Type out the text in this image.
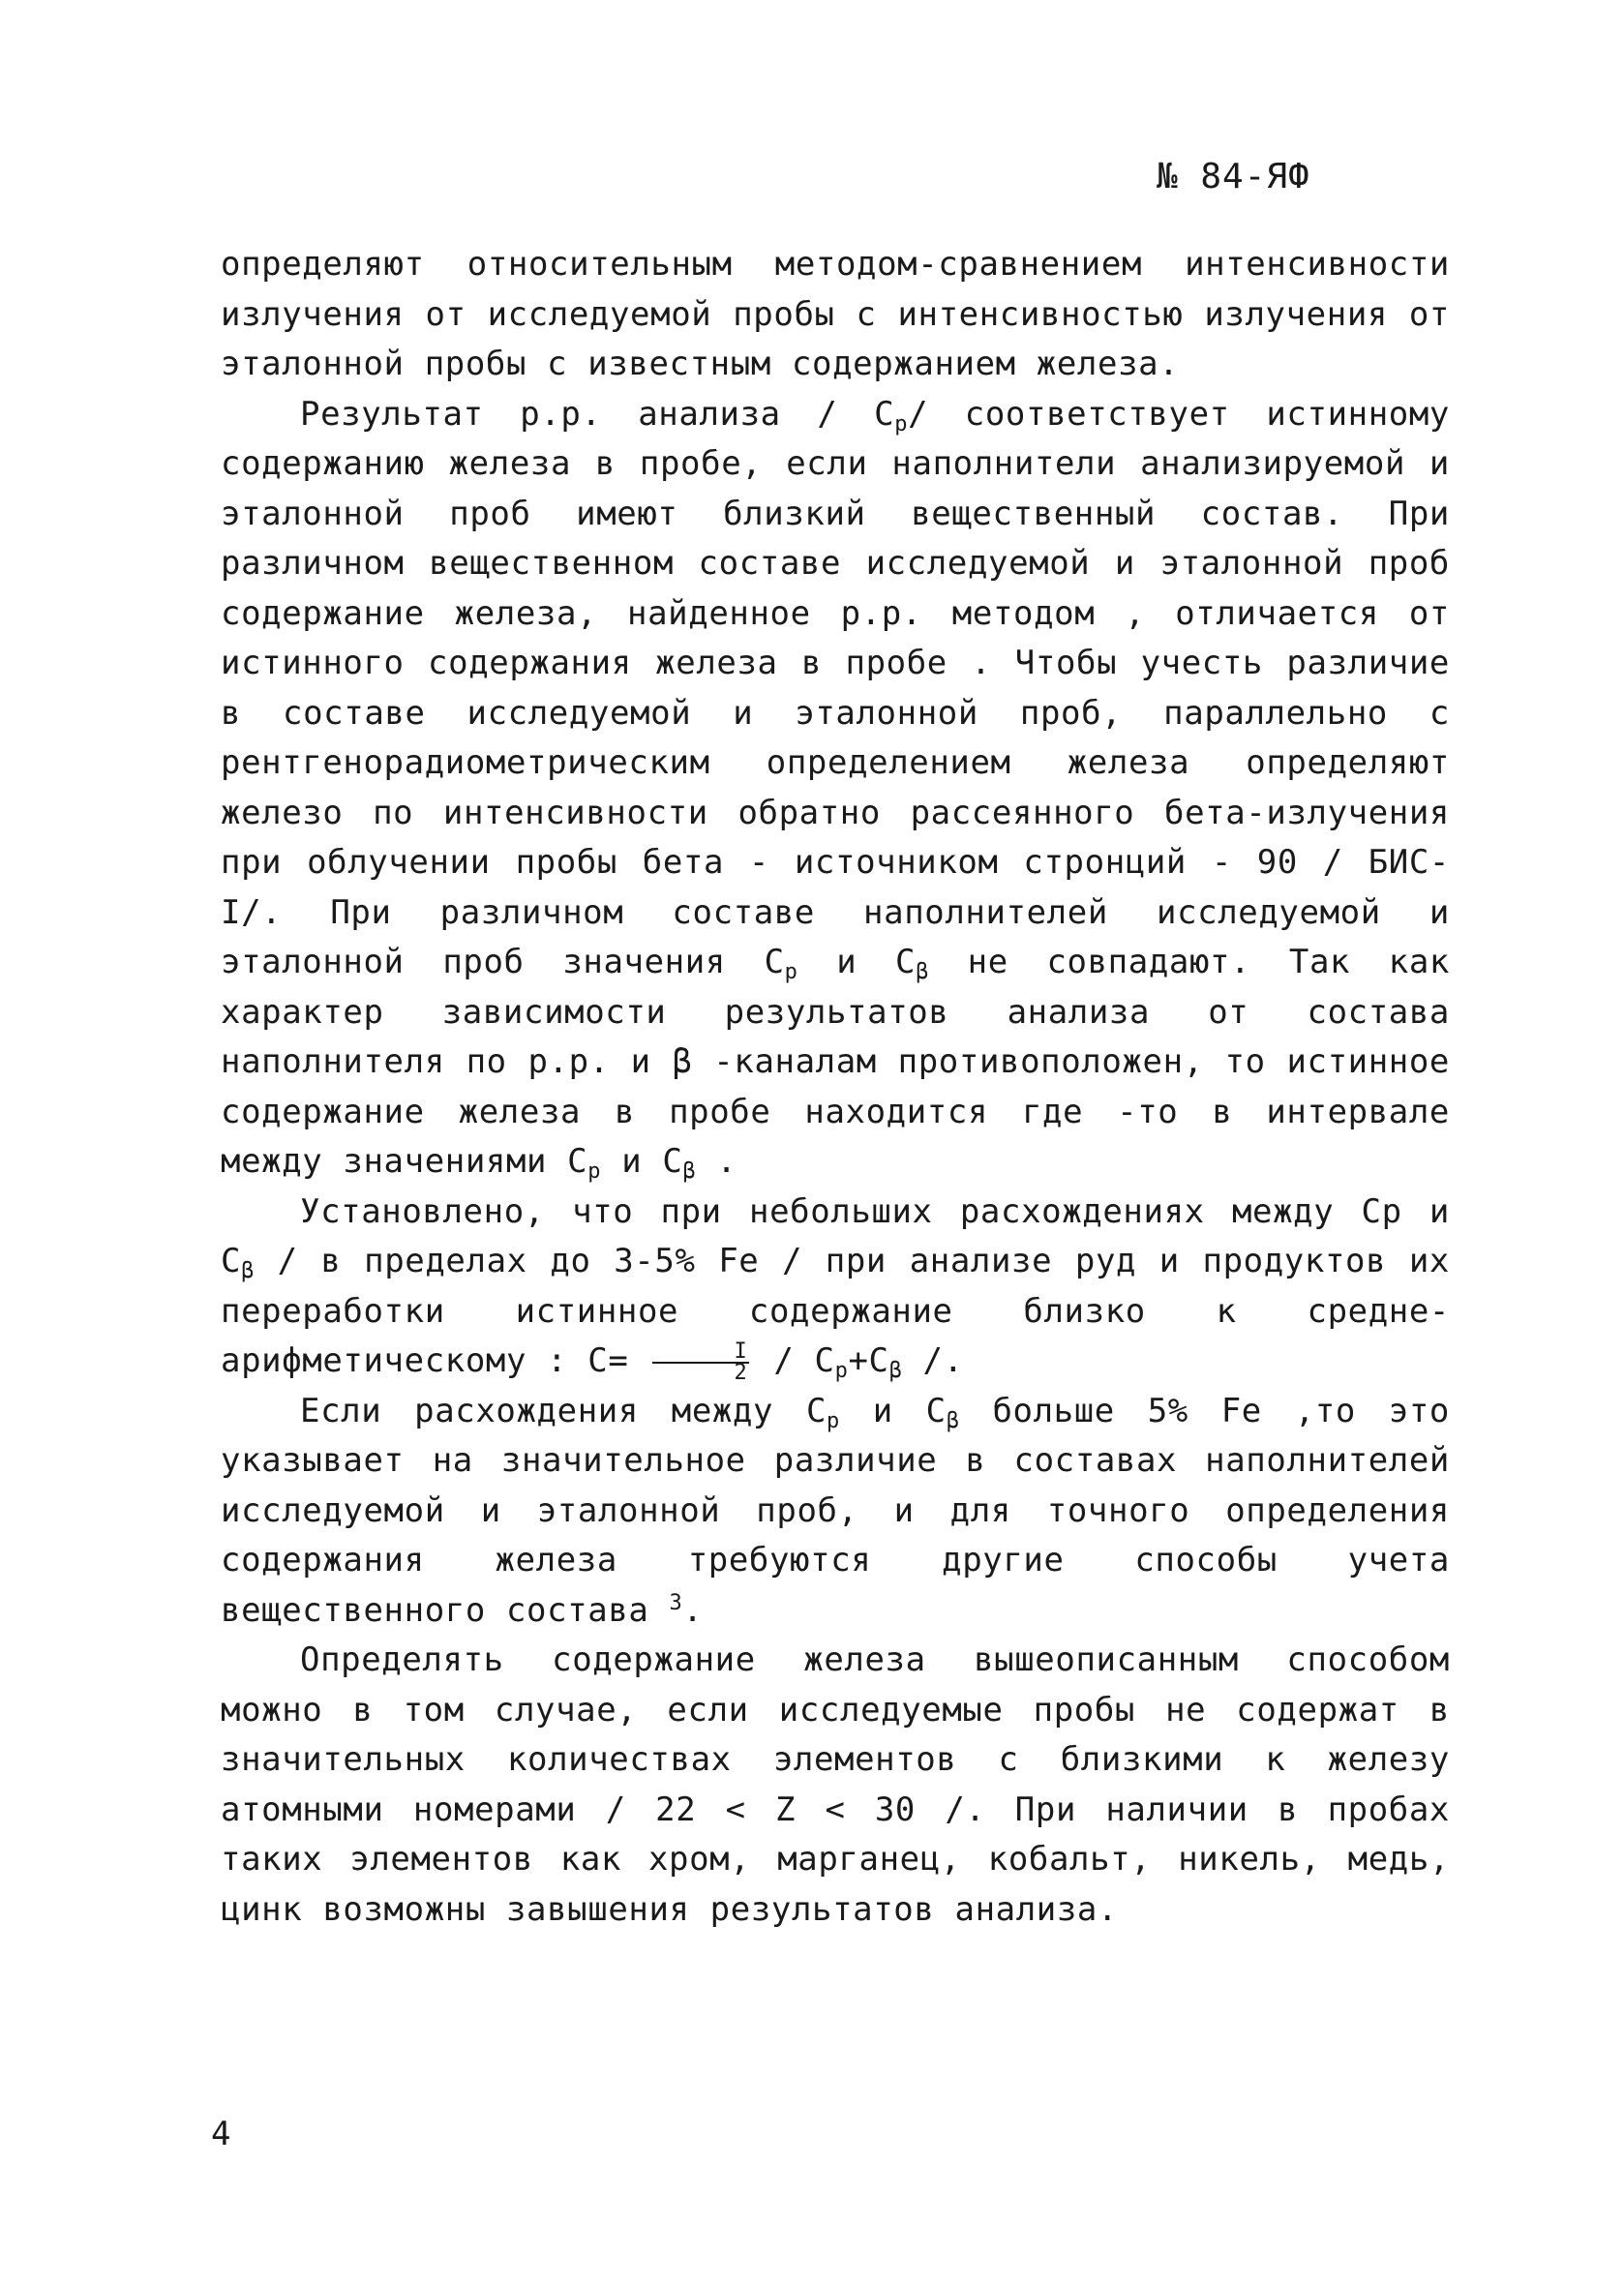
№ 84-ЯФ

определяют относительным методом-сравнением интенсивности излучения от исследуемой пробы с интенсивностью излучения от эталонной пробы с известным содержанием железа.

Результат р.р. анализа / $С_р/$ соответствует истинному содержанию железа в пробе, если наполнители анализируемой и эталонной проб имеют близкий вещественный состав. При различном вещественном составе исследуемой и эталонной проб содержание железа, найденное р.р. методом , отличается от истинного содержания железа в пробе . Чтобы учесть различие в составе исследуемой и эталонной проб, параллельно с рентгенорадиометрическим определением железа определяют железо по интенсивности обратно рассеянного бета-излучения при облучении пробы бета - источником стронций - 90 / БИС-I/. При различном составе наполнителей исследуемой и эталонной проб значения $С_р$ и $С_\beta$ не совпадают. Так как характер зависимости результатов анализа от состава наполнителя по р.р. и β -каналам противоположен, то истинное содержание железа в пробе находится где -то в интервале между значениями $С_р$ и $С_\beta$ .

Установлено, что при небольших расхождениях между Ср и $С_\beta$ / в пределах до 3-5% Fe / при анализе руд и продуктов их переработки истинное содержание близко к средне- арифметическому : $С= \frac{I}{2} / С_р+С_\beta$ /.

Если расхождения между $С_р$ и $С_\beta$ больше 5% Fe ,то это указывает на значительное различие в составах наполнителей исследуемой и эталонной проб, и для точного определения содержания железа требуются другие способы учета вещественного состава $^3$.

Определять содержание железа вышеописанным способом можно в том случае, если исследуемые пробы не содержат в значительных количествах элементов с близкими к железу атомными номерами / 22 < Z < 30 /. При наличии в пробах таких элементов как хром, марганец, кобальт, никель, медь, цинк возможны завышения результатов анализа.

4
